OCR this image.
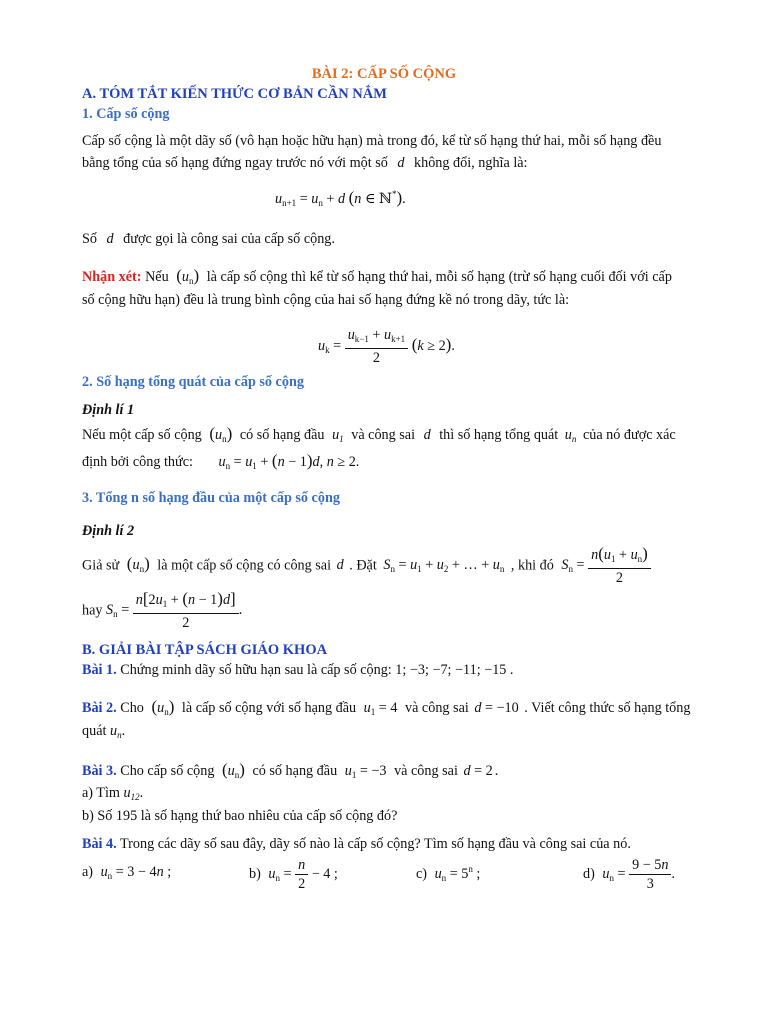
BÀI 2: CẤP SỐ CỘNG
A. TÓM TẮT KIẾN THỨC CƠ BẢN CẦN NẮM
1. Cấp số cộng
Cấp số cộng là một dãy số (vô hạn hoặc hữu hạn) mà trong đó, kể từ số hạng thứ hai, mỗi số hạng đều
bằng tổng của số hạng đứng ngay trước nó với một số d không đổi, nghĩa là:
$u_{n+1} = u_n + d$ (n ∈ ℕ*).
Số d được gọi là công sai của cấp số cộng.
Nhận xét: Nếu $(u_n)$ là cấp số cộng thì kể từ số hạng thứ hai, mỗi số hạng (trừ số hạng cuối đối với cấp
số cộng hữu hạn) đều là trung bình cộng của hai số hạng đứng kề nó trong dãy, tức là:
$u_k = \frac{u_{k-1} + u_{k+1}}{2} (k \ge 2)$.
2. Số hạng tổng quát của cấp số cộng
Định lí 1
Nếu một cấp số cộng $(u_n)$ có số hạng đầu $u_1$ và công sai d thì số hạng tổng quát $u_n$ của nó được xác
định bởi công thức: $u_n = u_1 + (n - 1)d$, n ≥ 2.
3. Tổng n số hạng đầu của một cấp số cộng
Định lí 2
Giả sử $(u_n)$ là một cấp số cộng có công sai d . Đặt $S_n = u_1 + u_2$ + … + $u_n$ , khi đó $S_n = \frac{n(u_1 + u_n)}{2}$
hay $S_n = \frac{n[2u_1 + (n - 1)d]}{2}$ .
B. GIẢI BÀI TẬP SÁCH GIÁO KHOA
Bài 1. Chứng minh dãy số hữu hạn sau là cấp số cộng: 1; −3; −7; −11; −15 .
Bài 2. Cho $(u_n)$ là cấp số cộng với số hạng đầu $u_1 = 4$ và công sai d = −10 . Viết công thức số hạng tổng
quát $u_n$.
Bài 3. Cho cấp số cộng $(u_n)$ có số hạng đầu $u_1 = -3$ và công sai d = 2 .
a) Tìm $u_{12}$.
b) Số 195 là số hạng thứ bao nhiêu của cấp số cộng đó?
Bài 4. Trong các dãy số sau đây, dãy số nào là cấp số cộng? Tìm số hạng đầu và công sai của nó.
a) $u_n = 3 - 4n$ ;	b) $u_n = \frac{n}{2} - 4$ ;	c) $u_n = 5^n$ ;	d) $u_n = \frac{9 - 5n}{3}$ .
